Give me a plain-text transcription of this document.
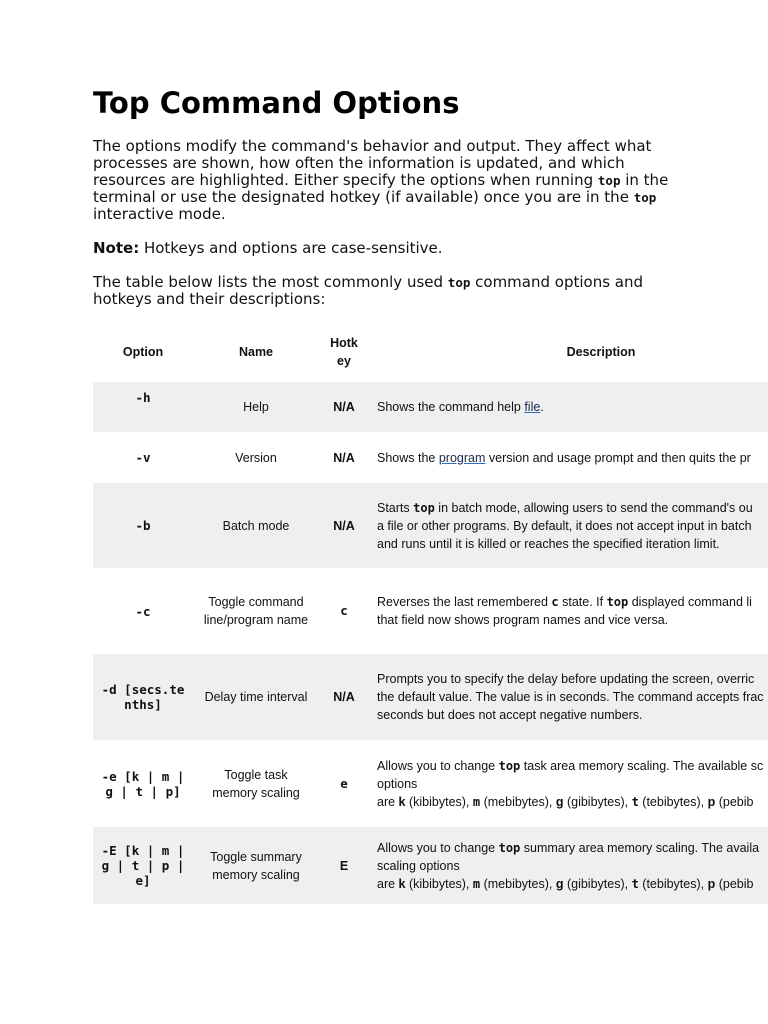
Top Command Options

The options modify the command's behavior and output. They affect what processes are shown, how often the information is updated, and which resources are highlighted. Either specify the options when running top in the terminal or use the designated hotkey (if available) once you are in the top interactive mode.

Note: Hotkeys and options are case-sensitive.

The table below lists the most commonly used top command options and hotkeys and their descriptions:

Option	Name	Hotkey	Description
-h	Help	N/A	Shows the command help file.
-v	Version	N/A	Shows the program version and usage prompt and then quits the pr
-b	Batch mode	N/A	Starts top in batch mode, allowing users to send the command's ou
a file or other programs. By default, it does not accept input in batch
and runs until it is killed or reaches the specified iteration limit.

-c	Toggle command line/program name	c	Reverses the last remembered c state. If top displayed command li
that field now shows program names and vice versa.

-d [secs.tenths]	Delay time interval	N/A	Prompts you to specify the delay before updating the screen, overric
the default value. The value is in seconds. The command accepts frac
seconds but does not accept negative numbers.

-e [k | m | g | t | p]	Toggle task memory scaling	e	Allows you to change top task area memory scaling. The available sc
options
are k (kibibytes), m (mebibytes), g (gibibytes), t (tebibytes), p (pebib

-E [k | m | g | t | p | e]	Toggle summary memory scaling	E	Allows you to change top summary area memory scaling. The availa
scaling options
are k (kibibytes), m (mebibytes), g (gibibytes), t (tebibytes), p (pebib
